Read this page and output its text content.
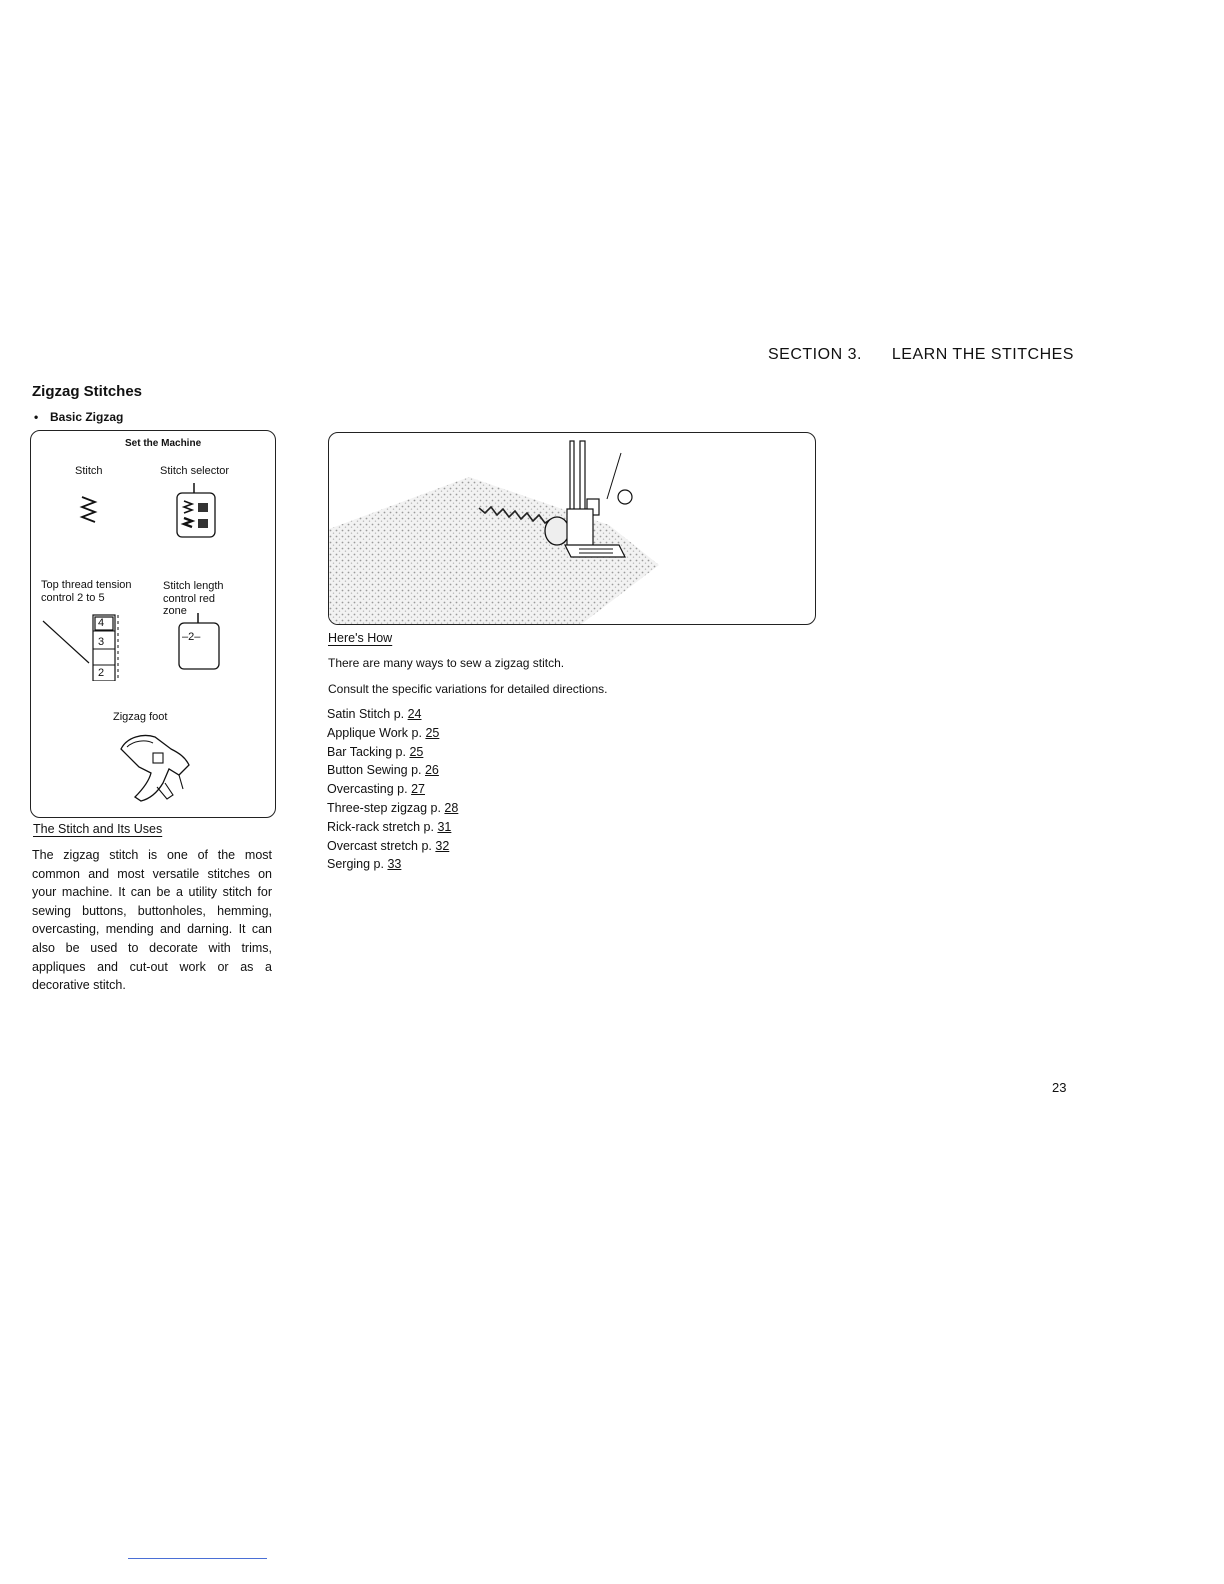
SECTION 3. LEARN THE STITCHES
Zigzag Stitches
• Basic Zigzag
Set the Machine
Stitch	Stitch selector
Top thread tension
control 2 to 5
Stitch length
control red
zone
4
3
2
–2–
Zigzag foot
The Stitch and Its Uses
The zigzag stitch is one of the most common and most versatile stitches on your machine. It can be a utility stitch for sewing buttons, buttonholes, hemming, overcasting, mending and darning. It can also be used to decorate with trims, appliques and cut-out work or as a decorative stitch.
Here's How
There are many ways to sew a zigzag stitch.
Consult the specific variations for detailed directions.
Satin Stitch p. 24
Applique Work p. 25
Bar Tacking p. 25
Button Sewing p. 26
Overcasting p. 27
Three-step zigzag p. 28
Rick-rack stretch p. 31
Overcast stretch p. 32
Serging p. 33
23
